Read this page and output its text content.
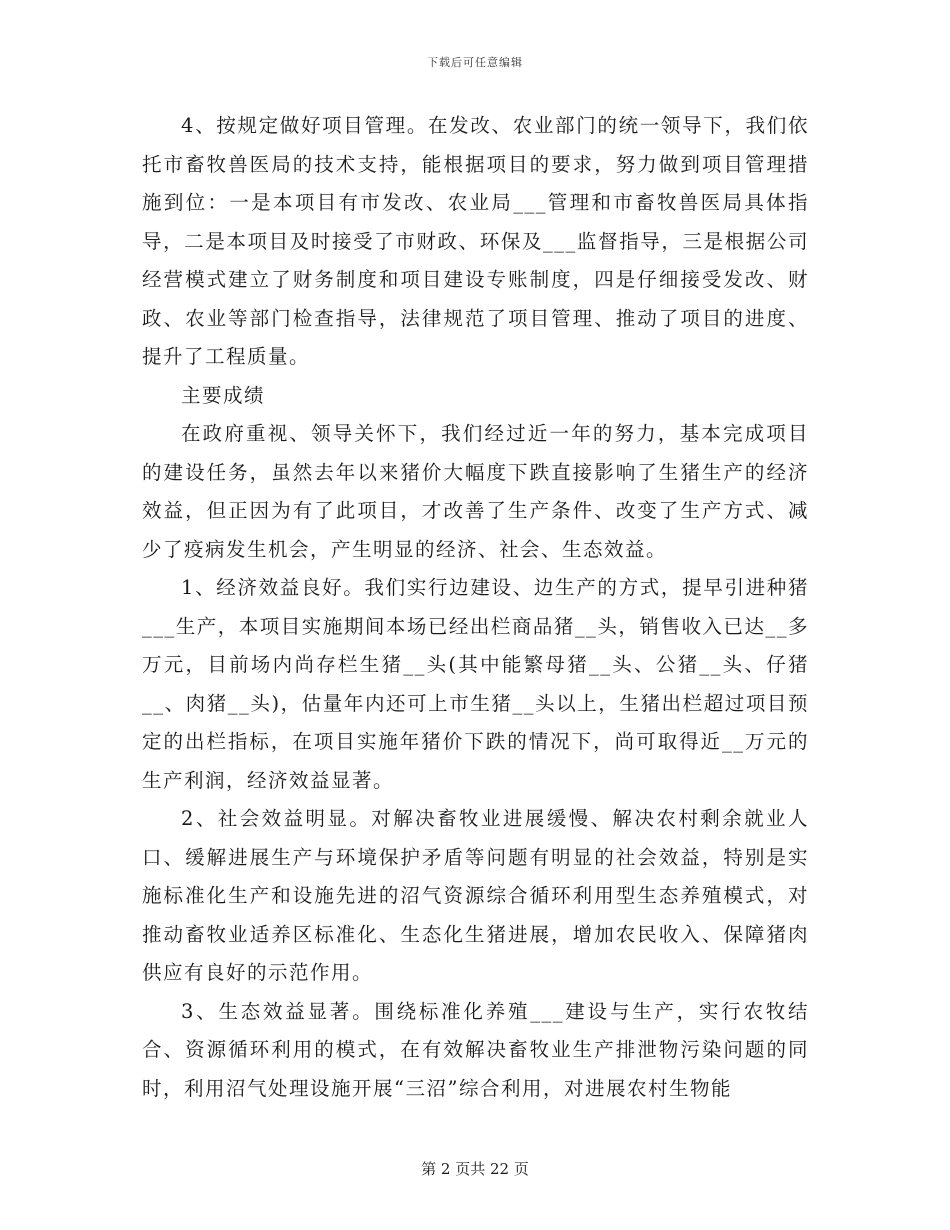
下载后可任意编辑

4、按规定做好项目管理。在发改、农业部门的统一领导下，我们依托市畜牧兽医局的技术支持，能根据项目的要求，努力做到项目管理措施到位：一是本项目有市发改、农业局___管理和市畜牧兽医局具体指导，二是本项目及时接受了市财政、环保及___监督指导，三是根据公司经营模式建立了财务制度和项目建设专账制度，四是仔细接受发改、财政、农业等部门检查指导，法律规范了项目管理、推动了项目的进度、提升了工程质量。

主要成绩

在政府重视、领导关怀下，我们经过近一年的努力，基本完成项目的建设任务，虽然去年以来猪价大幅度下跌直接影响了生猪生产的经济效益，但正因为有了此项目，才改善了生产条件、改变了生产方式、减少了疫病发生机会，产生明显的经济、社会、生态效益。

1、经济效益良好。我们实行边建设、边生产的方式，提早引进种猪___生产，本项目实施期间本场已经出栏商品猪__头，销售收入已达__多万元，目前场内尚存栏生猪__头(其中能繁母猪__头、公猪__头、仔猪__、肉猪__头)，估量年内还可上市生猪__头以上，生猪出栏超过项目预定的出栏指标，在项目实施年猪价下跌的情况下，尚可取得近__万元的生产利润，经济效益显著。

2、社会效益明显。对解决畜牧业进展缓慢、解决农村剩余就业人口、缓解进展生产与环境保护矛盾等问题有明显的社会效益，特别是实施标准化生产和设施先进的沼气资源综合循环利用型生态养殖模式，对推动畜牧业适养区标准化、生态化生猪进展，增加农民收入、保障猪肉供应有良好的示范作用。

3、生态效益显著。围绕标准化养殖___建设与生产，实行农牧结合、资源循环利用的模式，在有效解决畜牧业生产排泄物污染问题的同时，利用沼气处理设施开展“三沼”综合利用，对进展农村生物能

第 2 页共 22 页
